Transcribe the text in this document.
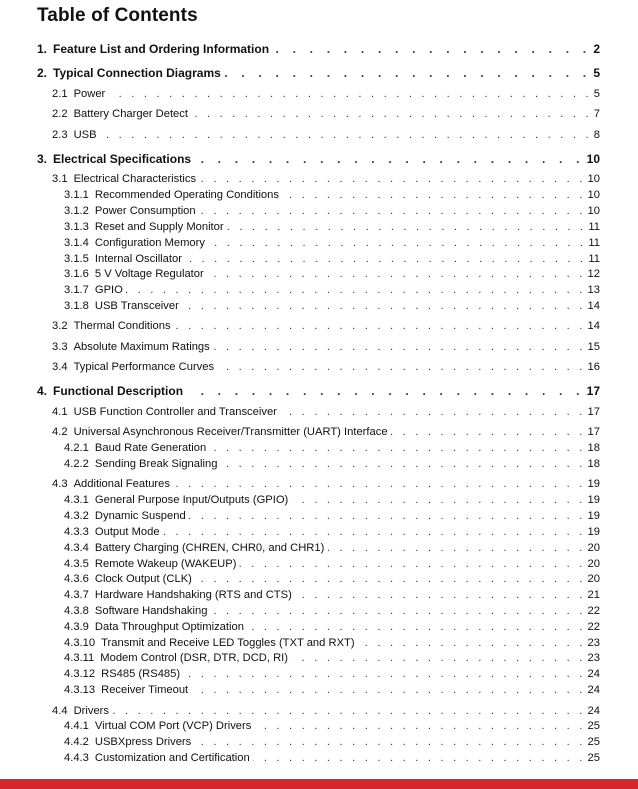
Table of Contents
1. Feature List and Ordering Information . . .	2
2. Typical Connection Diagrams . . .	5
2.1 Power . . .	5
2.2 Battery Charger Detect . . .	7
2.3 USB . . .	8
3. Electrical Specifications . . .	10
3.1 Electrical Characteristics . . .	10
3.1.1 Recommended Operating Conditions . . .	10
3.1.2 Power Consumption . . .	10
3.1.3 Reset and Supply Monitor . . .	11
3.1.4 Configuration Memory . . .	11
3.1.5 Internal Oscillator . . .	11
3.1.6 5 V Voltage Regulator . . .	12
3.1.7 GPIO . . .	13
3.1.8 USB Transceiver . . .	14
3.2 Thermal Conditions . . .	14
3.3 Absolute Maximum Ratings . . .	15
3.4 Typical Performance Curves . . .	16
4. Functional Description . . .	17
4.1 USB Function Controller and Transceiver . . .	17
4.2 Universal Asynchronous Receiver/Transmitter (UART) Interface . . .	17
4.2.1 Baud Rate Generation . . .	18
4.2.2 Sending Break Signaling . . .	18
4.3 Additional Features . . .	19
4.3.1 General Purpose Input/Outputs (GPIO) . . .	19
4.3.2 Dynamic Suspend . . .	19
4.3.3 Output Mode . . .	19
4.3.4 Battery Charging (CHREN, CHR0, and CHR1) . . .	20
4.3.5 Remote Wakeup (WAKEUP) . . .	20
4.3.6 Clock Output (CLK) . . .	20
4.3.7 Hardware Handshaking (RTS and CTS) . . .	21
4.3.8 Software Handshaking . . .	22
4.3.9 Data Throughput Optimization . . .	22
4.3.10 Transmit and Receive LED Toggles (TXT and RXT) . . .	23
4.3.11 Modem Control (DSR, DTR, DCD, RI) . . .	23
4.3.12 RS485 (RS485) . . .	24
4.3.13 Receiver Timeout . . .	24
4.4 Drivers . . .	24
4.4.1 Virtual COM Port (VCP) Drivers . . .	25
4.4.2 USBXpress Drivers . . .	25
4.4.3 Customization and Certification . . .	25
